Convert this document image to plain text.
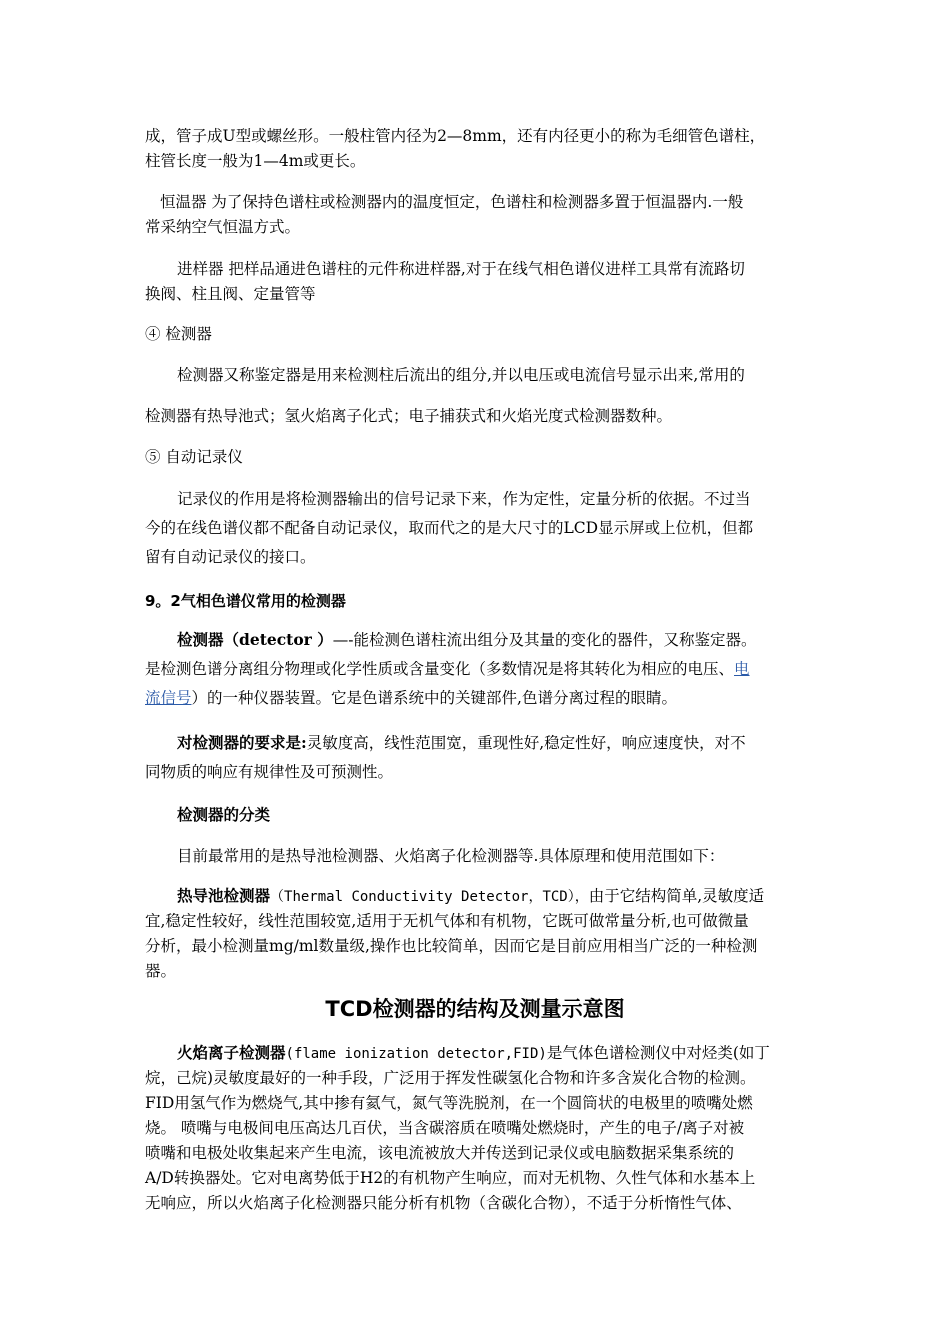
成，管子成U型或螺丝形。一般柱管内径为2—8mm，还有内径更小的称为毛细管色谱柱，
柱管长度一般为1—4m或更长。
恒温器 为了保持色谱柱或检测器内的温度恒定，色谱柱和检测器多置于恒温器内.一般
常采纳空气恒温方式。
进样器 把样品通进色谱柱的元件称进样器,对于在线气相色谱仪进样工具常有流路切
换阀、柱且阀、定量管等
④ 检测器
检测器又称鉴定器是用来检测柱后流出的组分,并以电压或电流信号显示出来,常用的
检测器有热导池式；氢火焰离子化式；电子捕获式和火焰光度式检测器数种。
⑤ 自动记录仪
记录仪的作用是将检测器输出的信号记录下来，作为定性，定量分析的依据。不过当
今的在线色谱仪都不配备自动记录仪，取而代之的是大尺寸的LCD显示屏或上位机，但都
留有自动记录仪的接口。
9。2气相色谱仪常用的检测器
检测器（detector ）—-能检测色谱柱流出组分及其量的变化的器件，又称鉴定器。
是检测色谱分离组分物理或化学性质或含量变化（多数情况是将其转化为相应的电压、电
流信号）的一种仪器装置。它是色谱系统中的关键部件,色谱分离过程的眼睛。
对检测器的要求是:灵敏度高，线性范围宽，重现性好,稳定性好，响应速度快，对不
同物质的响应有规律性及可预测性。
检测器的分类
目前最常用的是热导池检测器、火焰离子化检测器等.具体原理和使用范围如下：
热导池检测器（Thermal Conductivity Detector，TCD），由于它结构简单,灵敏度适
宜,稳定性较好，线性范围较宽,适用于无机气体和有机物，它既可做常量分析,也可做微量
分析，最小检测量mg/ml数量级,操作也比较简单，因而它是目前应用相当广泛的一种检测
器。
TCD检测器的结构及测量示意图
火焰离子检测器(flame ionization detector,FID)是气体色谱检测仪中对烃类(如丁
烷，己烷)灵敏度最好的一种手段，广泛用于挥发性碳氢化合物和许多含炭化合物的检测。
FID用氢气作为燃烧气,其中掺有氦气，氮气等洗脱剂，在一个圆筒状的电极里的喷嘴处燃
烧。 喷嘴与电极间电压高达几百伏，当含碳溶质在喷嘴处燃烧时，产生的电子/离子对被
喷嘴和电极处收集起来产生电流，该电流被放大并传送到记录仪或电脑数据采集系统的
A/D转换器处。它对电离势低于H2的有机物产生响应，而对无机物、久性气体和水基本上
无响应，所以火焰离子化检测器只能分析有机物（含碳化合物），不适于分析惰性气体、
